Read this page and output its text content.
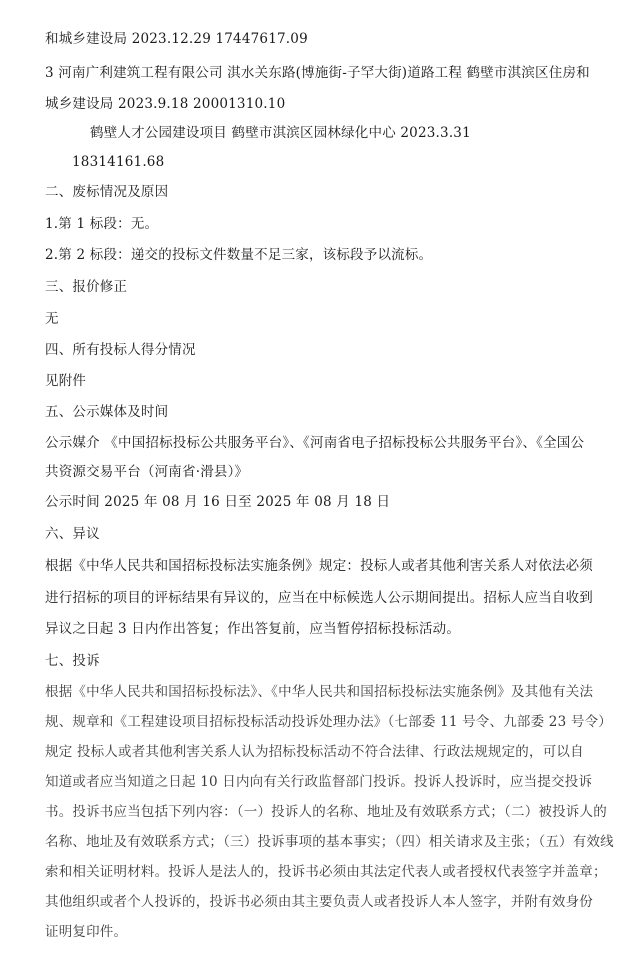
和城乡建设局 2023.12.29 17447617.09
3 河南广利建筑工程有限公司 淇水关东路(博施街-子罕大街)道路工程 鹤壁市淇滨区住房和
城乡建设局 2023.9.18 20001310.10
鹤壁人才公园建设项目 鹤壁市淇滨区园林绿化中心 2023.3.31
18314161.68
二、废标情况及原因
1.第 1 标段：无。
2.第 2 标段：递交的投标文件数量不足三家，该标段予以流标。
三、报价修正
无
四、所有投标人得分情况
见附件
五、公示媒体及时间
公示媒介 《中国招标投标公共服务平台》、《河南省电子招标投标公共服务平台》、《全国公
共资源交易平台（河南省·滑县）》
公示时间 2025 年 08 月 16 日至 2025 年 08 月 18 日
六、异议
根据《中华人民共和国招标投标法实施条例》规定：投标人或者其他利害关系人对依法必须
进行招标的项目的评标结果有异议的，应当在中标候选人公示期间提出。招标人应当自收到
异议之日起 3 日内作出答复；作出答复前，应当暂停招标投标活动。
七、投诉
根据《中华人民共和国招标投标法》、《中华人民共和国招标投标法实施条例》及其他有关法
规、规章和《工程建设项目招标投标活动投诉处理办法》（七部委 11 号令、九部委 23 号令）
规定 投标人或者其他利害关系人认为招标投标活动不符合法律、行政法规规定的，可以自
知道或者应当知道之日起 10 日内向有关行政监督部门投诉。投诉人投诉时，应当提交投诉
书。投诉书应当包括下列内容：（一）投诉人的名称、地址及有效联系方式；（二）被投诉人的
名称、地址及有效联系方式；（三）投诉事项的基本事实；（四）相关请求及主张；（五）有效线
索和相关证明材料。投诉人是法人的，投诉书必须由其法定代表人或者授权代表签字并盖章；
其他组织或者个人投诉的，投诉书必须由其主要负责人或者投诉人本人签字，并附有效身份
证明复印件。
